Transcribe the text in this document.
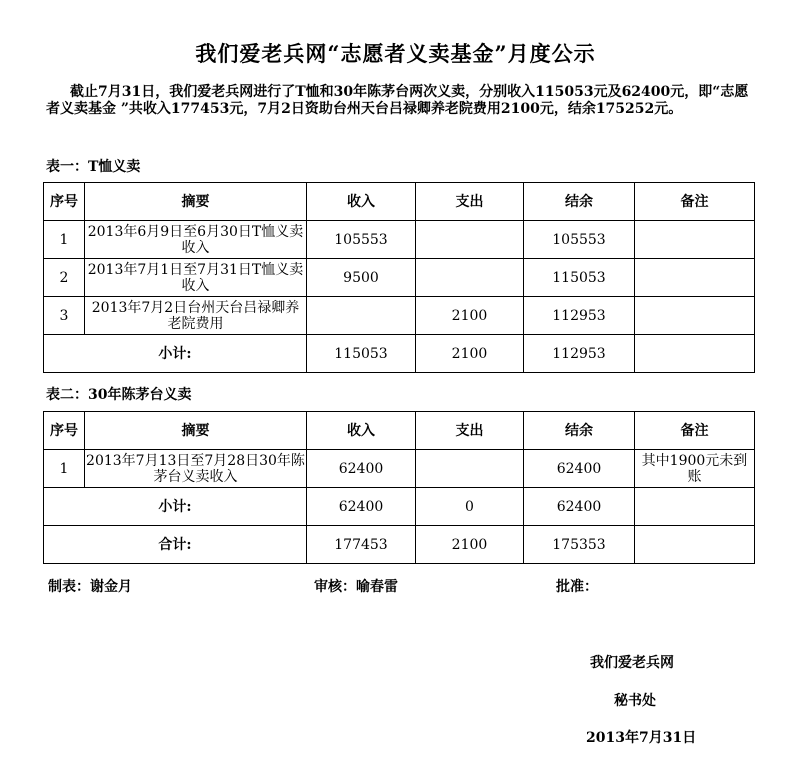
我们爱老兵网“志愿者义卖基金”月度公示
截止7月31日，我们爱老兵网进行了T恤和30年陈茅台两次义卖，分别收入115053元及62400元，即“志愿者义卖基金 ”共收入177453元，7月2日资助台州天台吕禄卿养老院费用2100元，结余175252元。
表一：T恤义卖
序号	摘要	收入	支出	结余	备注
1	2013年6月9日至6月30日T恤义卖收入	105553		105553	
2	2013年7月1日至7月31日T恤义卖收入	9500		115053	
3	2013年7月2日台州天台吕禄卿养老院费用		2100	112953	
小计:		115053	2100	112953	
表二：30年陈茅台义卖
序号	摘要	收入	支出	结余	备注
1	2013年7月13日至7月28日30年陈茅台义卖收入	62400		62400	其中1900元未到账
小计:		62400	0	62400	
合计:		177453	2100	175353	
制表：谢金月	审核：喻春雷	批准：
我们爱老兵网
秘书处
2013年7月31日
